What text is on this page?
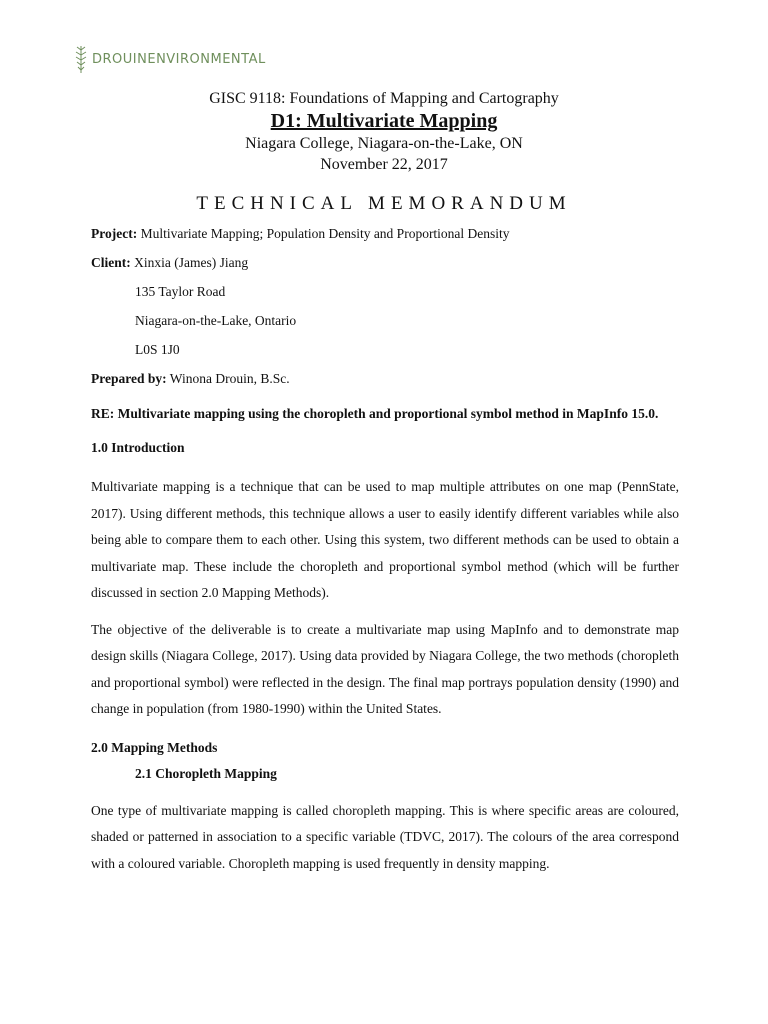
DROUINENVIRONMENTAL
GISC 9118: Foundations of Mapping and Cartography
D1: Multivariate Mapping
Niagara College, Niagara-on-the-Lake, ON
November 22, 2017
TECHNICAL MEMORANDUM
Project: Multivariate Mapping; Population Density and Proportional Density
Client: Xinxia (James) Jiang
135 Taylor Road
Niagara-on-the-Lake, Ontario
L0S 1J0
Prepared by: Winona Drouin, B.Sc.
RE: Multivariate mapping using the choropleth and proportional symbol method in MapInfo 15.0.
1.0 Introduction

Multivariate mapping is a technique that can be used to map multiple attributes on one map (PennState, 2017). Using different methods, this technique allows a user to easily identify different variables while also being able to compare them to each other. Using this system, two different methods can be used to obtain a multivariate map. These include the choropleth and proportional symbol method (which will be further discussed in section 2.0 Mapping Methods).

The objective of the deliverable is to create a multivariate map using MapInfo and to demonstrate map design skills (Niagara College, 2017). Using data provided by Niagara College, the two methods (choropleth and proportional symbol) were reflected in the design. The final map portrays population density (1990) and change in population (from 1980-1990) within the United States.

2.0 Mapping Methods
2.1 Choropleth Mapping

One type of multivariate mapping is called choropleth mapping. This is where specific areas are coloured, shaded or patterned in association to a specific variable (TDVC, 2017). The colours of the area correspond with a coloured variable. Choropleth mapping is used frequently in density mapping.
